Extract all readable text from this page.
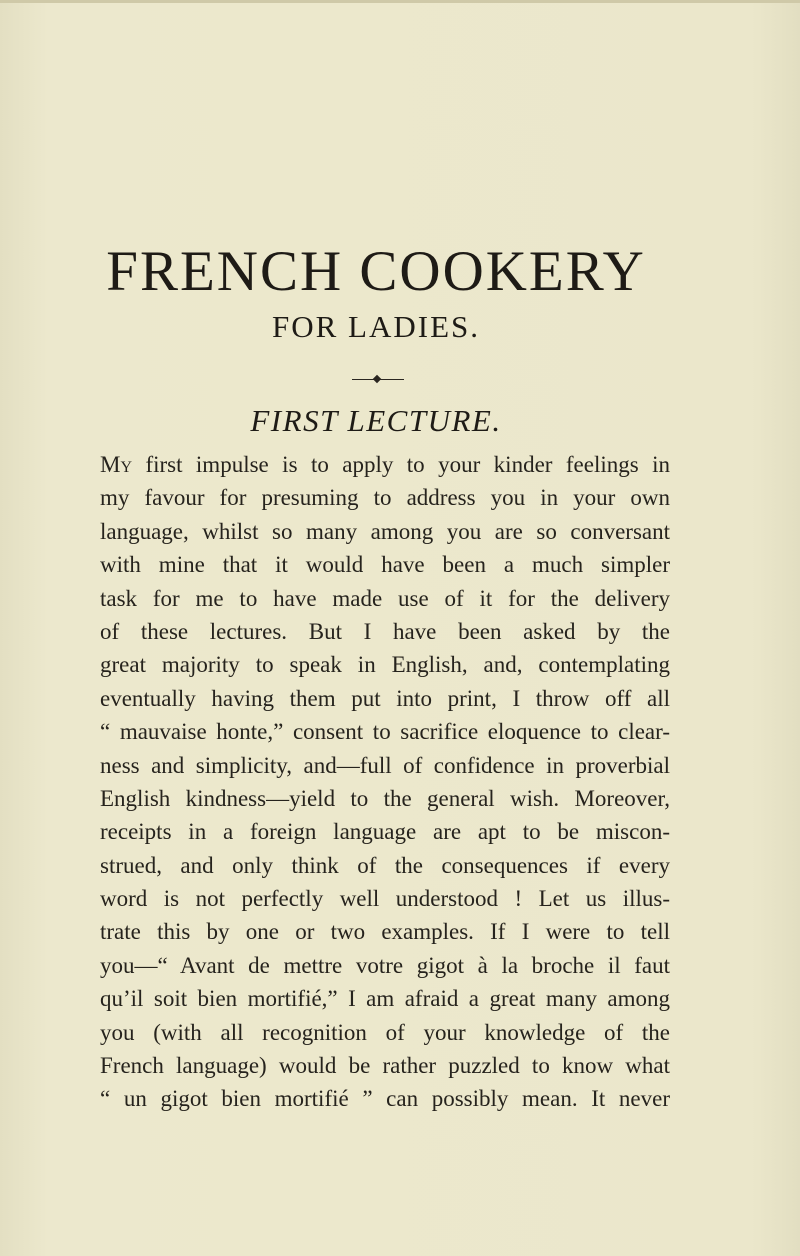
FRENCH COOKERY
FOR LADIES.
FIRST LECTURE.
My first impulse is to apply to your kinder feelings in
my favour for presuming to address you in your own
language, whilst so many among you are so conversant
with mine that it would have been a much simpler
task for me to have made use of it for the delivery
of these lectures. But I have been asked by the
great majority to speak in English, and, contemplating
eventually having them put into print, I throw off all
“ mauvaise honte,” consent to sacrifice eloquence to clear-
ness and simplicity, and—full of confidence in proverbial
English kindness—yield to the general wish. Moreover,
receipts in a foreign language are apt to be miscon-
strued, and only think of the consequences if every
word is not perfectly well understood ! Let us illus-
trate this by one or two examples. If I were to tell
you—“ Avant de mettre votre gigot à la broche il faut
qu’il soit bien mortifié,” I am afraid a great many among
you (with all recognition of your knowledge of the
French language) would be rather puzzled to know what
“ un gigot bien mortifié ” can possibly mean. It never
